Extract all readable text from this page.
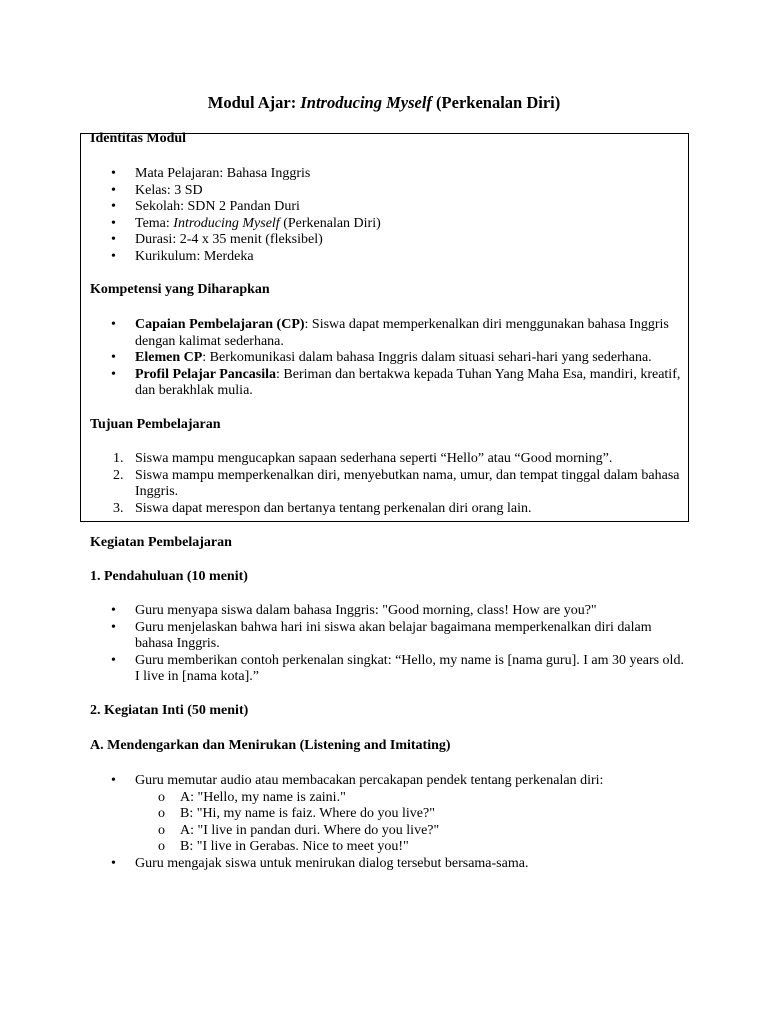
Modul Ajar: Introducing Myself (Perkenalan Diri)
Identitas Modul
• Mata Pelajaran: Bahasa Inggris
• Kelas: 3 SD
• Sekolah: SDN 2 Pandan Duri
• Tema: Introducing Myself (Perkenalan Diri)
• Durasi: 2-4 x 35 menit (fleksibel)
• Kurikulum: Merdeka
Kompetensi yang Diharapkan
• Capaian Pembelajaran (CP): Siswa dapat memperkenalkan diri menggunakan bahasa Inggris dengan kalimat sederhana.
• Elemen CP: Berkomunikasi dalam bahasa Inggris dalam situasi sehari-hari yang sederhana.
• Profil Pelajar Pancasila: Beriman dan bertakwa kepada Tuhan Yang Maha Esa, mandiri, kreatif, dan berakhlak mulia.
Tujuan Pembelajaran
1. Siswa mampu mengucapkan sapaan sederhana seperti “Hello” atau “Good morning”.
2. Siswa mampu memperkenalkan diri, menyebutkan nama, umur, dan tempat tinggal dalam bahasa Inggris.
3. Siswa dapat merespon dan bertanya tentang perkenalan diri orang lain.
Kegiatan Pembelajaran
1. Pendahuluan (10 menit)
• Guru menyapa siswa dalam bahasa Inggris: "Good morning, class! How are you?"
• Guru menjelaskan bahwa hari ini siswa akan belajar bagaimana memperkenalkan diri dalam bahasa Inggris.
• Guru memberikan contoh perkenalan singkat: “Hello, my name is [nama guru]. I am 30 years old. I live in [nama kota].”
2. Kegiatan Inti (50 menit)
A. Mendengarkan dan Menirukan (Listening and Imitating)
• Guru memutar audio atau membacakan percakapan pendek tentang perkenalan diri:
o A: "Hello, my name is zaini."
o B: "Hi, my name is faiz. Where do you live?"
o A: "I live in pandan duri. Where do you live?"
o B: "I live in Gerabas. Nice to meet you!"
• Guru mengajak siswa untuk menirukan dialog tersebut bersama-sama.
